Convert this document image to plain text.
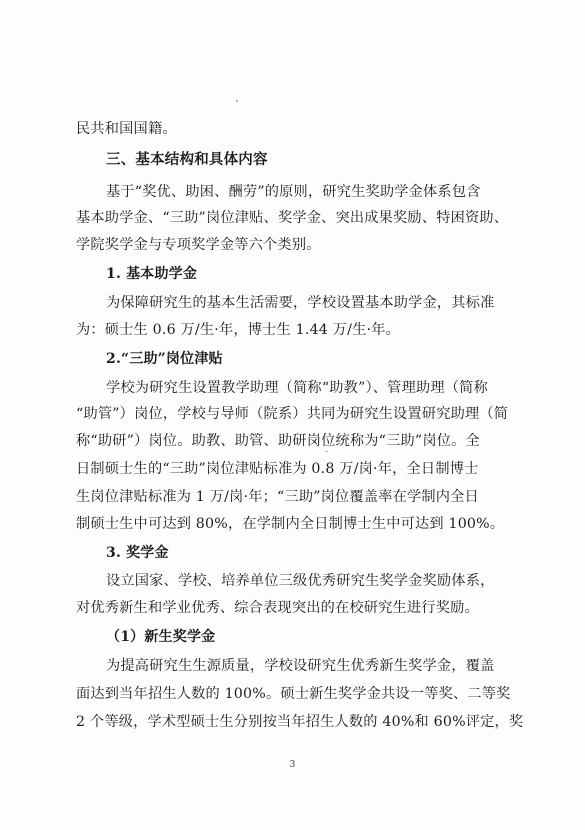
民共和国国籍。
三、基本结构和具体内容
基于“奖优、助困、酬劳”的原则，研究生奖助学金体系包含
基本助学金、“三助”岗位津贴、奖学金、突出成果奖励、特困资助、
学院奖学金与专项奖学金等六个类别。
1. 基本助学金
为保障研究生的基本生活需要，学校设置基本助学金，其标准
为：硕士生 0.6 万/生·年，博士生 1.44 万/生·年。
2.“三助”岗位津贴
学校为研究生设置教学助理（简称“助教”）、管理助理（简称
“助管”）岗位，学校与导师（院系）共同为研究生设置研究助理（简
称“助研”）岗位。助教、助管、助研岗位统称为“三助”岗位。全
日制硕士生的“三助”岗位津贴标准为 0.8 万/岗·年，全日制博士
生岗位津贴标准为 1 万/岗·年；“三助”岗位覆盖率在学制内全日
制硕士生中可达到 80%，在学制内全日制博士生中可达到 100%。
3. 奖学金
设立国家、学校、培养单位三级优秀研究生奖学金奖励体系，
对优秀新生和学业优秀、综合表现突出的在校研究生进行奖励。
（1）新生奖学金
为提高研究生生源质量，学校设研究生优秀新生奖学金，覆盖
面达到当年招生人数的 100%。硕士新生奖学金共设一等奖、二等奖
2 个等级，学术型硕士生分别按当年招生人数的 40%和 60%评定，奖
3
